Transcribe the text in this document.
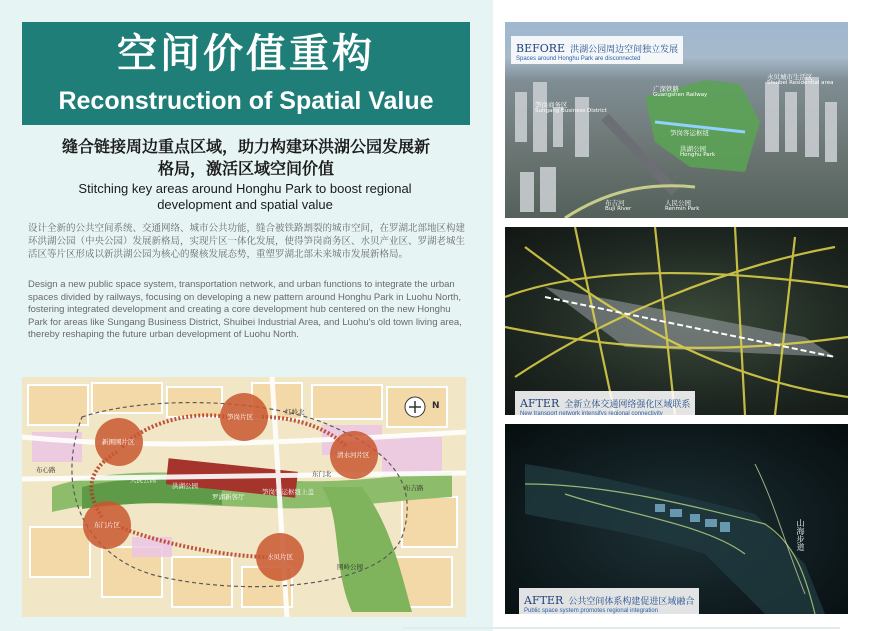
空间价值重构
Reconstruction of Spatial Value
缝合链接周边重点区域，助力构建环洪湖公园发展新
格局，激活区域空间价值
Stitching key areas around Honghu Park to boost regional
development and spatial value
设计全新的公共空间系统、交通网络、城市公共功能，缝合被铁路割裂的城市空间，在罗湖北部地区构建环洪湖公园（中央公园）发展新格局，实现片区一体化发展，使得笋岗商务区、水贝产业区、罗湖老城生活区等片区形成以新洪湖公园为核心的聚核发展态势，重塑罗湖北部未来城市发展新格局。
Design a new public space system, transportation network, and urban functions to integrate the urban spaces divided by railways, focusing on developing a new pattern around Honghu Park in Luohu North, fostering integrated development and creating a core development hub centered on the new Honghu Park for areas like Sungang Business District, Shuibei Industrial Area, and Luohu's old town living area, thereby reshaping the future urban development of Luohu North.
新围围片区
笋岗片区
清水河片区
东门片区
水贝片区
洪湖公园
罗湖新客厅
人民公园
围岭公园
笋岗客运枢纽上盖
布心路
布吉路
红岭北
东门北
N
BEFORE 洪湖公园周边空间独立发展
Spaces around Honghu Park are disconnected
笋岗商务区
Sungang Business District
广深铁路
Guangshen Railway
水贝城市生活区
Shuibei Residential area
笋岗客运枢纽
洪湖公园
Honghu Park
布吉河
Buji River
人民公园
Renmin Park
AFTER 全新立体交通网络强化区域联系
New transport network intensifys regional connectivity
山海步道
AFTER 公共空间体系构建促进区域融合
Public space system promotes regional integration
